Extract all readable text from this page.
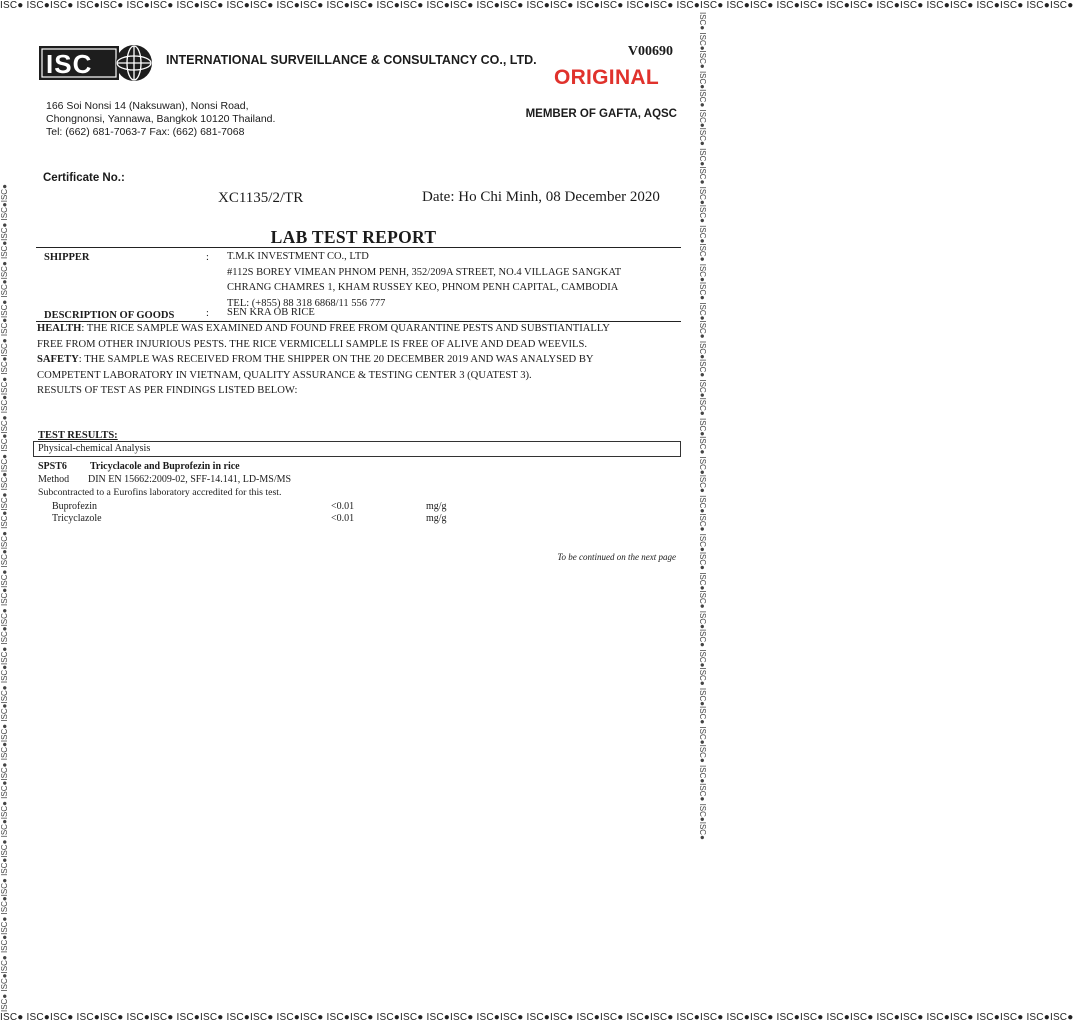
ISC● ISC●ISC● ISC●ISC● ISC●ISC● ISC●ISC● ISC●ISC● ISC●ISC● ISC●ISC● ISC●ISC● ISC●ISC● ISC●ISC● ISC●ISC● ISC●ISC● ISC●ISC● ISC●ISC● ISC●ISC● ISC●ISC● ISC●ISC● ISC●ISC● ISC●ISC● ISC●ISC● ISC●ISC●
ISC● ISC●ISC● ISC●ISC● ISC●ISC● ISC●ISC● ISC●ISC● ISC●ISC● ISC●ISC● ISC●ISC● ISC●ISC● ISC●ISC● ISC●ISC● ISC●ISC● ISC●ISC● ISC●ISC● ISC●ISC● ISC●ISC● ISC●ISC● ISC●ISC● ISC●ISC● ISC●ISC● ISC●ISC●
ISC● ISC●ISC● ISC●ISC● ISC●ISC● ISC●ISC● ISC●ISC● ISC●ISC● ISC●ISC● ISC●ISC● ISC●ISC● ISC●ISC● ISC●ISC● ISC●ISC● ISC●ISC● ISC●ISC● ISC●ISC● ISC●ISC● ISC●ISC● ISC●ISC● ISC●ISC● ISC●ISC● ISC●ISC●	ISC● ISC●ISC● ISC●ISC● ISC●ISC● ISC●ISC● ISC●ISC● ISC●ISC● ISC●ISC● ISC●ISC● ISC●ISC● ISC●ISC● ISC●ISC● ISC●ISC● ISC●ISC● ISC●ISC● ISC●ISC● ISC●ISC● ISC●ISC● ISC●ISC● ISC●ISC● ISC●ISC● ISC●ISC●
ISC	INTERNATIONAL SURVEILLANCE & CONSULTANCY CO., LTD.
V00690
ORIGINAL
166 Soi Nonsi 14 (Naksuwan), Nonsi Road,
Chongnonsi, Yannawa, Bangkok 10120 Thailand.
Tel: (662) 681-7063-7 Fax: (662) 681-7068
MEMBER OF GAFTA, AQSC
Certificate No.:
XC1135/2/TR	Date: Ho Chi Minh, 08 December 2020
LAB TEST REPORT
SHIPPER	: T.M.K INVESTMENT CO., LTD
#112S BOREY VIMEAN PHNOM PENH, 352/209A STREET, NO.4 VILLAGE SANGKAT
CHRANG CHAMRES 1, KHAM RUSSEY KEO, PHNOM PENH CAPITAL, CAMBODIA
TEL: (+855) 88 318 6868/11 556 777
DESCRIPTION OF GOODS	: SEN KRA OB RICE
HEALTH: THE RICE SAMPLE WAS EXAMINED AND FOUND FREE FROM QUARANTINE PESTS AND SUBSTIANTIALLY
FREE FROM OTHER INJURIOUS PESTS. THE RICE VERMICELLI SAMPLE IS FREE OF ALIVE AND DEAD WEEVILS.
SAFETY: THE SAMPLE WAS RECEIVED FROM THE SHIPPER ON THE 20 DECEMBER 2019 AND WAS ANALYSED BY
COMPETENT LABORATORY IN VIETNAM, QUALITY ASSURANCE & TESTING CENTER 3 (QUATEST 3).
RESULTS OF TEST AS PER FINDINGS LISTED BELOW:
TEST RESULTS:
Physical-chemical Analysis
SPST6 Tricyclacole and Buprofezin in rice
Method DIN EN 15662:2009-02, SFF-14.141, LD-MS/MS
Subcontracted to a Eurofins laboratory accredited for this test.
Buprofezin	<0.01	mg/g
Tricyclazole	<0.01	mg/g
To be continued on the next page
